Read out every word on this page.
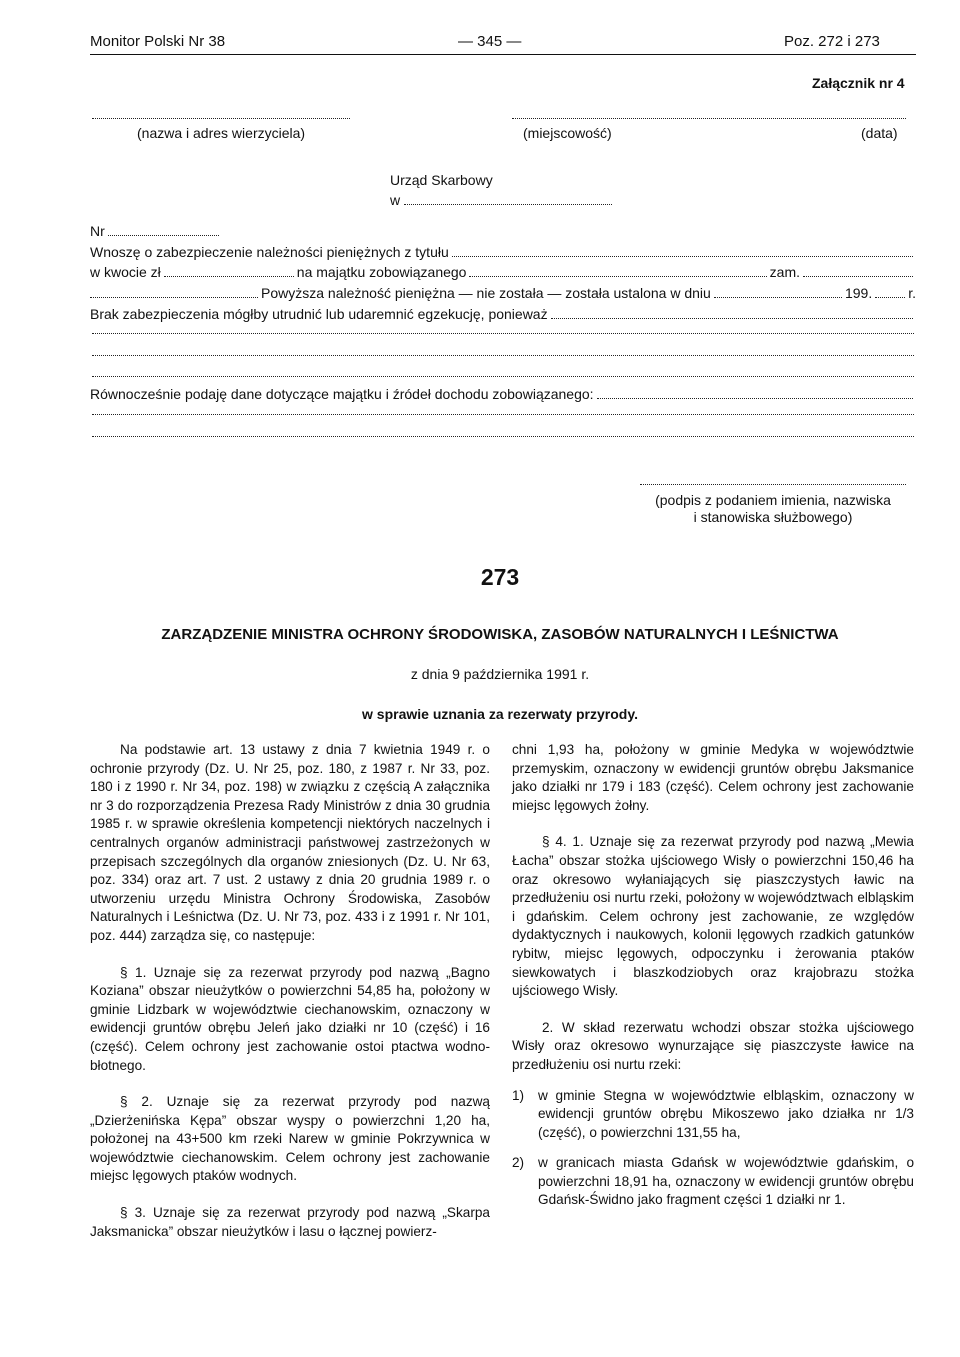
Monitor Polski Nr 38	— 345 —	Poz. 272 i 273
Załącznik nr 4
(nazwa i adres wierzyciela)	(miejscowość)	(data)
Urząd Skarbowy
w
Nr
Wnoszę o zabezpieczenie należności pieniężnych z tytułu
w kwocie zł	na majątku zobowiązanego	zam.
Powyższa należność pieniężna — nie została — została ustalona w dniu	199.	r.
Brak zabezpieczenia mógłby utrudnić lub udaremnić egzekucję, ponieważ
Równocześnie podaję dane dotyczące majątku i źródeł dochodu zobowiązanego:
(podpis z podaniem imienia, nazwiska
i stanowiska służbowego)
273
ZARZĄDZENIE MINISTRA OCHRONY ŚRODOWISKA, ZASOBÓW NATURALNYCH I LEŚNICTWA
z dnia 9 października 1991 r.
w sprawie uznania za rezerwaty przyrody.

Na podstawie art. 13 ustawy z dnia 7 kwietnia 1949 r. o ochronie przyrody (Dz. U. Nr 25, poz. 180, z 1987 r. Nr 33, poz. 180 i z 1990 r. Nr 34, poz. 198) w związku z częścią A załącznika nr 3 do rozporządzenia Prezesa Rady Ministrów z dnia 30 grudnia 1985 r. w sprawie określenia kompetencji niektórych naczelnych i centralnych organów administracji państwowej zastrzeżonych w przepisach szczególnych dla organów zniesionych (Dz. U. Nr 63, poz. 334) oraz art. 7 ust. 2 ustawy z dnia 20 grudnia 1989 r. o utworzeniu urzędu Ministra Ochrony Środowiska, Zasobów Naturalnych i Leśnictwa (Dz. U. Nr 73, poz. 433 i z 1991 r. Nr 101, poz. 444) zarządza się, co następuje:

§ 1. Uznaje się za rezerwat przyrody pod nazwą „Bagno Koziana” obszar nieużytków o powierzchni 54,85 ha, położony w gminie Lidzbark w województwie ciechanowskim, oznaczony w ewidencji gruntów obrębu Jeleń jako działki nr 10 (część) i 16 (część). Celem ochrony jest zachowanie ostoi ptactwa wodno-błotnego.

§ 2. Uznaje się za rezerwat przyrody pod nazwą „Dzierżenińska Kępa” obszar wyspy o powierzchni 1,20 ha, położonej na 43+500 km rzeki Narew w gminie Pokrzywnica w województwie ciechanowskim. Celem ochrony jest zachowanie miejsc lęgowych ptaków wodnych.

§ 3. Uznaje się za rezerwat przyrody pod nazwą „Skarpa Jaksmanicka” obszar nieużytków i lasu o łącznej powierz-

chni 1,93 ha, położony w gminie Medyka w województwie przemyskim, oznaczony w ewidencji gruntów obrębu Jaksmanice jako działki nr 179 i 183 (część). Celem ochrony jest zachowanie miejsc lęgowych żołny.

§ 4. 1. Uznaje się za rezerwat przyrody pod nazwą „Mewia Łacha” obszar stożka ujściowego Wisły o powierzchni 150,46 ha oraz okresowo wyłaniających się piaszczystych ławic na przedłużeniu osi nurtu rzeki, położony w województwach elbląskim i gdańskim. Celem ochrony jest zachowanie, ze względów dydaktycznych i naukowych, kolonii lęgowych rzadkich gatunków rybitw, miejsc lęgowych, odpoczynku i żerowania ptaków siewkowatych i blaszkodziobych oraz krajobrazu stożka ujściowego Wisły.

2. W skład rezerwatu wchodzi obszar stożka ujściowego Wisły oraz okresowo wynurzające się piaszczyste ławice na przedłużeniu osi nurtu rzeki:

1)	w gminie Stegna w województwie elbląskim, oznaczony w ewidencji gruntów obrębu Mikoszewo jako działka nr 1/3 (część), o powierzchni 131,55 ha,
2)	w granicach miasta Gdańsk w województwie gdańskim, o powierzchni 18,91 ha, oznaczony w ewidencji gruntów obrębu Gdańsk-Świdno jako fragment części 1 działki nr 1.
